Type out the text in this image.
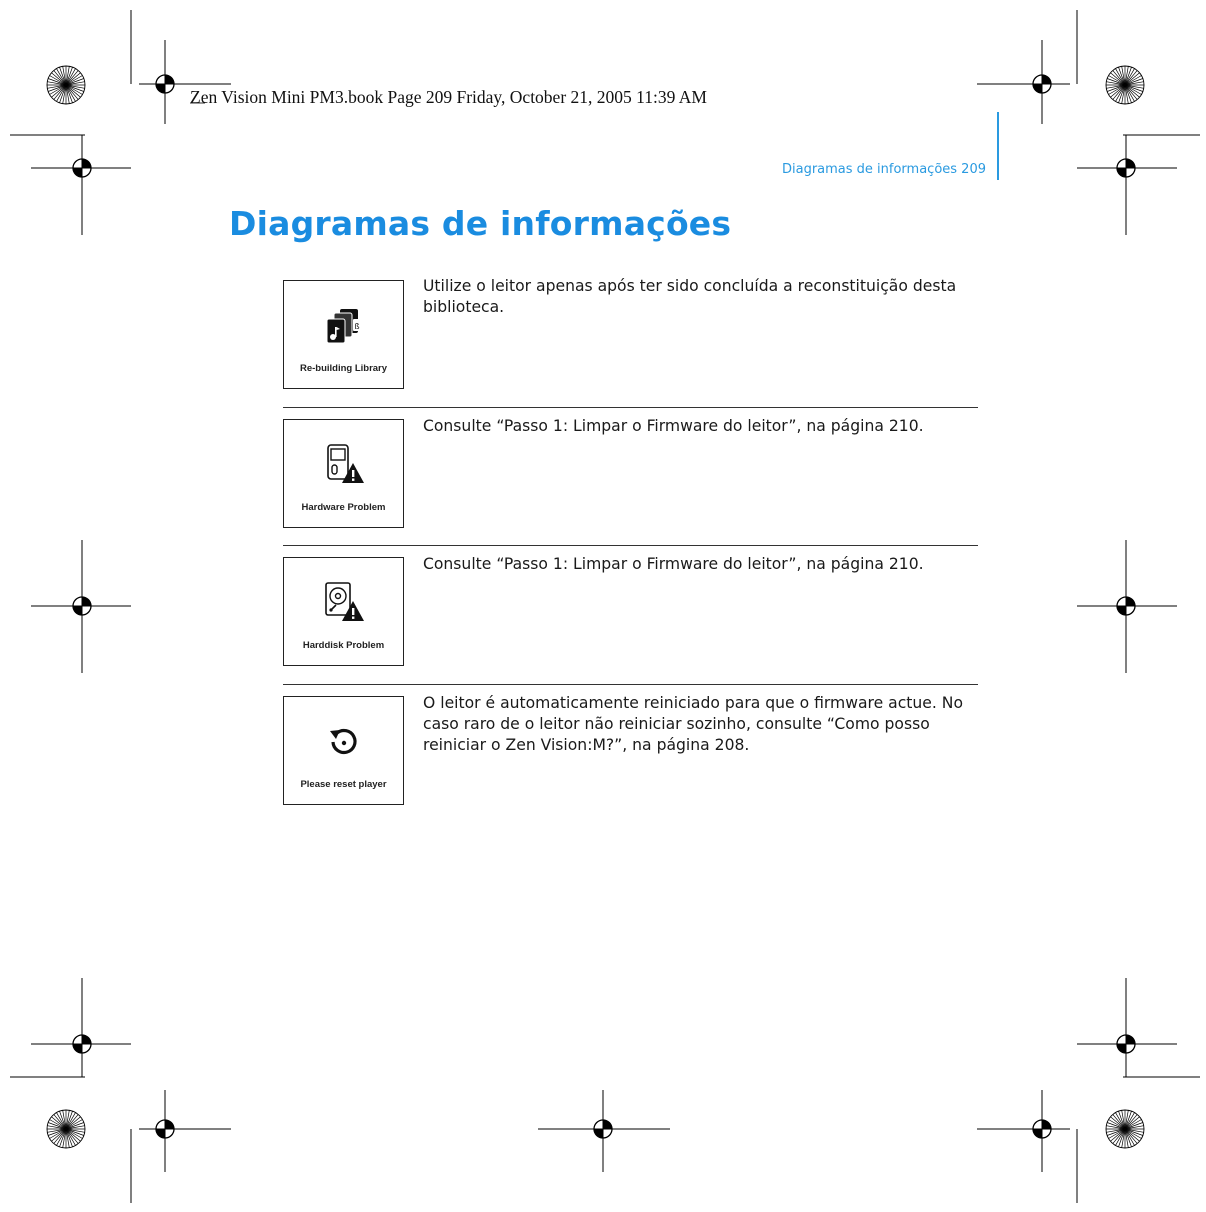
Zen Vision Mini PM3.book Page 209 Friday, October 21, 2005 11:39 AM
Diagramas de informações 209
Diagramas de informações
ß
Re-building Library

Utilize o leitor apenas após ter sido concluída a reconstituição desta biblioteca.

Hardware Problem

Consulte “Passo 1: Limpar o Firmware do leitor”, na página 210.

Harddisk Problem

Consulte “Passo 1: Limpar o Firmware do leitor”, na página 210.

Please reset player

O leitor é automaticamente reiniciado para que o firmware actue. No caso raro de o leitor não reiniciar sozinho, consulte “Como posso reiniciar o Zen Vision:M?”, na página 208.
